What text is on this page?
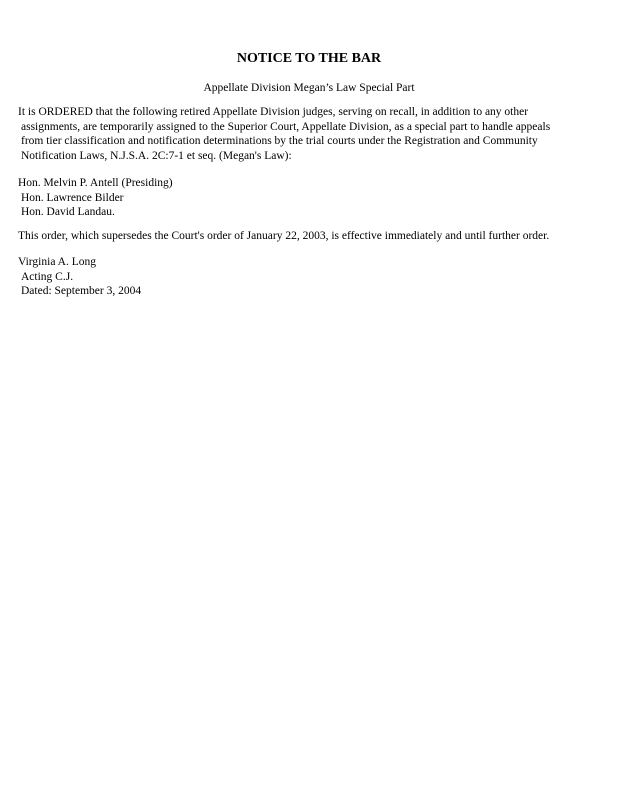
NOTICE TO THE BAR
Appellate Division Megan’s Law Special Part
It is ORDERED that the following retired Appellate Division judges, serving on recall, in addition to any other
assignments, are temporarily assigned to the Superior Court, Appellate Division, as a special part to handle appeals
from tier classification and notification determinations by the trial courts under the Registration and Community
Notification Laws, N.J.S.A. 2C:7-1 et seq. (Megan's Law):
Hon. Melvin P. Antell (Presiding)
Hon. Lawrence Bilder
Hon. David Landau.
This order, which supersedes the Court's order of January 22, 2003, is effective immediately and until further order.
Virginia A. Long
Acting C.J.
Dated: September 3, 2004
